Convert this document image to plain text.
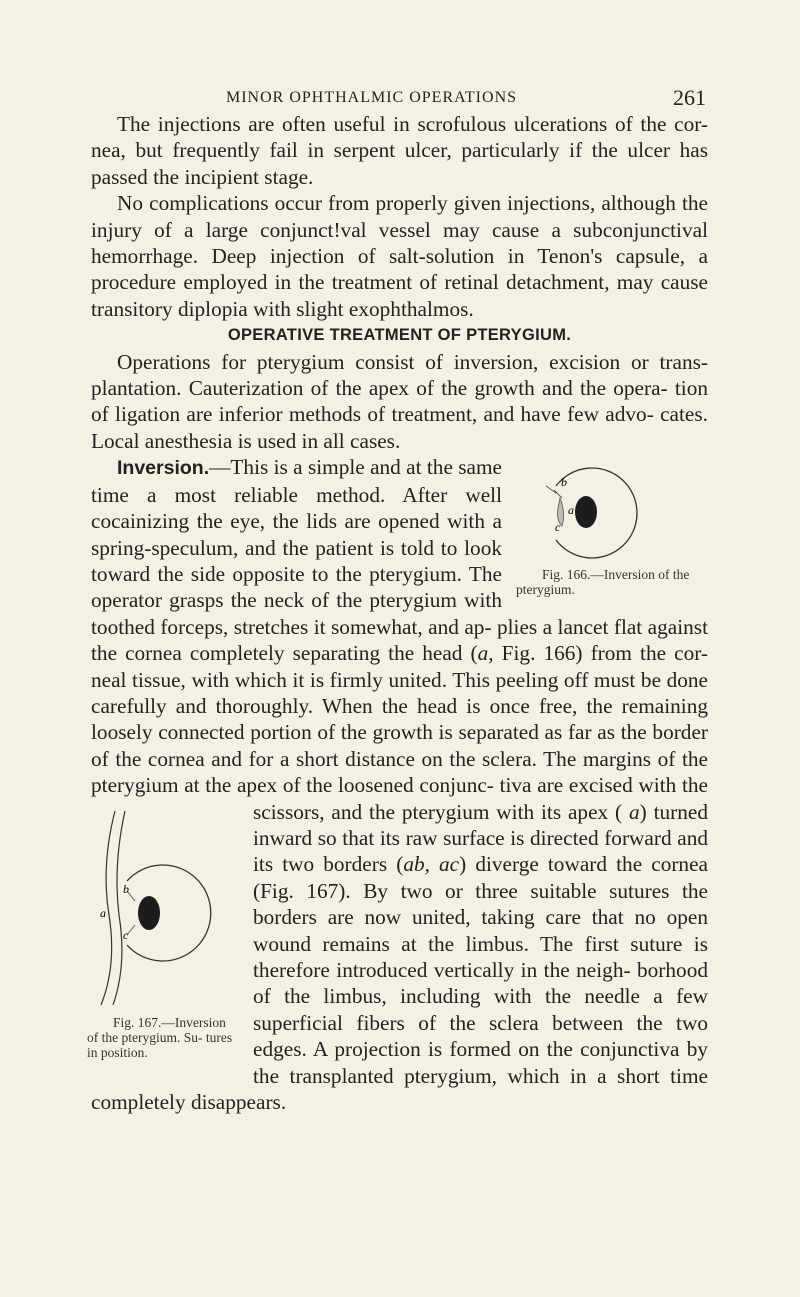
MINOR OPHTHALMIC OPERATIONS	261

The injections are often useful in scrofulous ulcerations of the cor- nea, but frequently fail in serpent ulcer, particularly if the ulcer has passed the incipient stage.

No complications occur from properly given injections, although the injury of a large conjunct!val vessel may cause a subconjunctival hemorrhage. Deep injection of salt-solution in Tenon's capsule, a procedure employed in the treatment of retinal detachment, may cause transitory diplopia with slight exophthalmos.

OPERATIVE TREATMENT OF PTERYGIUM.

Operations for pterygium consist of inversion, excision or trans- plantation. Cauterization of the apex of the growth and the opera- tion of ligation are inferior methods of treatment, and have few advo- cates. Local anesthesia is used in all cases.

b
a
c
Fig. 166.—Inversion of the pterygium.
Inversion.—This is a simple and at the same time a most reliable method. After well cocainizing the eye, the lids are opened with a spring-speculum, and the patient is told to look toward the side opposite to the pterygium. The operator grasps the neck of the pterygium with toothed forceps, stretches it somewhat, and ap- plies a lancet flat against the cornea completely separating the head (a, Fig. 166) from the cor- neal tissue, with which it is firmly united. This peeling off must be done carefully and thoroughly. When the head is once free, the remaining loosely connected portion of the growth is separated as far as the border of the cornea and for a short distance on the sclera. The margins of the pterygium at the apex of the loosened conjunc- tiva are excised with the scissors, and the pterygium with its apex (
b
a
c
Fig. 167.—Inversion of the pterygium. Su- tures in position.
a) turned inward so that its raw surface is directed forward and its two borders (ab, ac) diverge toward the cornea (Fig. 167). By two or three suitable sutures the borders are now united, taking care that no open wound remains at the limbus. The first suture is therefore introduced vertically in the neigh- borhood of the limbus, including with the needle a few superficial fibers of the sclera between the two edges. A projection is formed on the conjunctiva by the transplanted pterygium, which in a short time completely disappears.
